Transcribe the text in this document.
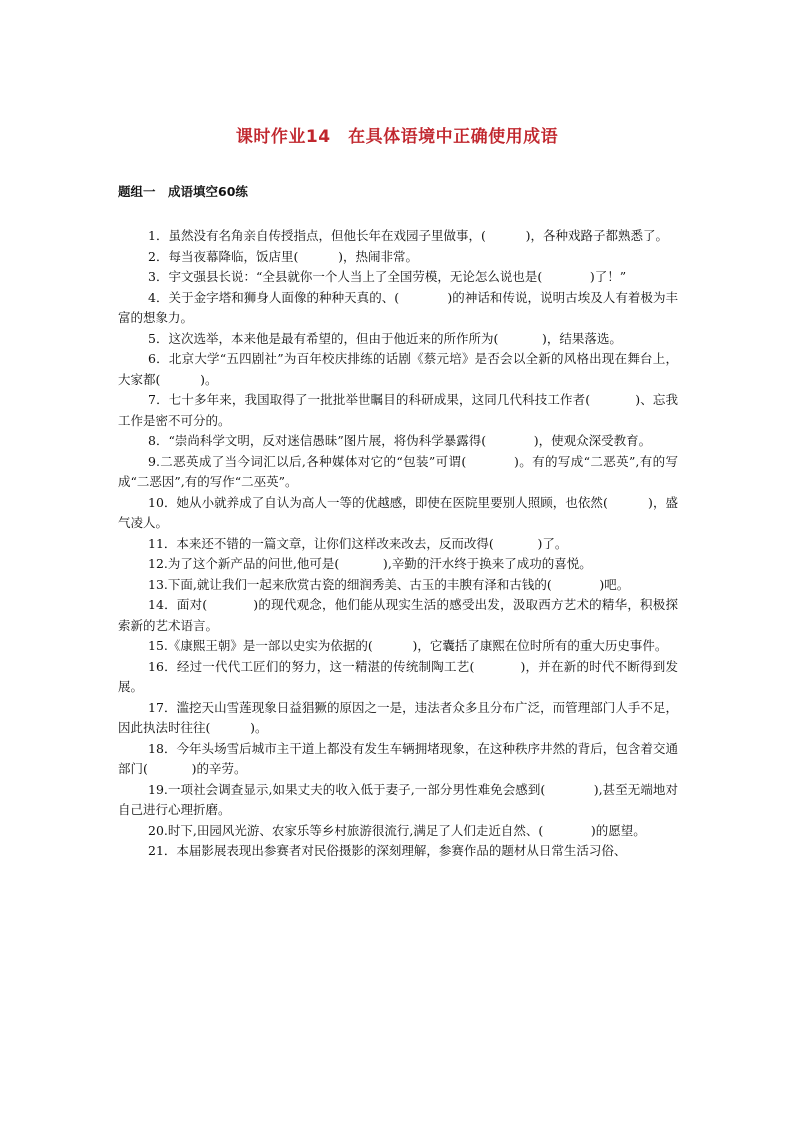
课时作业14　在具体语境中正确使用成语
题组一　成语填空60练

1．虽然没有名角亲自传授指点，但他长年在戏园子里做事，(          )，各种戏路子都熟悉了。

2．每当夜幕降临，饭店里(          )，热闹非常。

3．宇文强县长说：“全县就你一个人当上了全国劳模，无论怎么说也是(            )了！”

4．关于金字塔和狮身人面像的种种天真的、(            )的神话和传说，说明古埃及人有着极为丰富的想象力。

5．这次选举，本来他是最有希望的，但由于他近来的所作所为(           )，结果落选。

6．北京大学“五四剧社”为百年校庆排练的话剧《蔡元培》是否会以全新的风格出现在舞台上，大家都(          )。

7．七十多年来，我国取得了一批批举世瞩目的科研成果，这同几代科技工作者(           )、忘我工作是密不可分的。

8．“崇尚科学文明，反对迷信愚昧”图片展，将伪科学暴露得(            )，使观众深受教育。

9.二恶英成了当今词汇以后,各种媒体对它的“包装”可谓(           )。有的写成“二恶英”,有的写成“二恶因”,有的写作“二巫英”。

10．她从小就养成了自认为高人一等的优越感，即使在医院里要别人照顾，也依然(          )，盛气凌人。

11．本来还不错的一篇文章，让你们这样改来改去，反而改得(           )了。

12.为了这个新产品的问世,他可是(           ),辛勤的汗水终于换来了成功的喜悦。

13.下面,就让我们一起来欣赏古瓷的细润秀美、古玉的丰腴有泽和古钱的(            )吧。

14．面对(           )的现代观念，他们能从现实生活的感受出发，汲取西方艺术的精华，积极探索新的艺术语言。

15.《康熙王朝》是一部以史实为依据的(          )，它囊括了康熙在位时所有的重大历史事件。

16．经过一代代工匠们的努力，这一精湛的传统制陶工艺(           )，并在新的时代不断得到发展。

17．滥挖天山雪莲现象日益猖獗的原因之一是，违法者众多且分布广泛，而管理部门人手不足，因此执法时往往(          )。

18．今年头场雪后城市主干道上都没有发生车辆拥堵现象，在这种秩序井然的背后，包含着交通部门(           )的辛劳。

19.一项社会调查显示,如果丈夫的收入低于妻子,一部分男性难免会感到(            ),甚至无端地对自己进行心理折磨。

20.时下,田园风光游、农家乐等乡村旅游很流行,满足了人们走近自然、(            )的愿望。

21．本届影展表现出参赛者对民俗摄影的深刻理解，参赛作品的题材从日常生活习俗、
